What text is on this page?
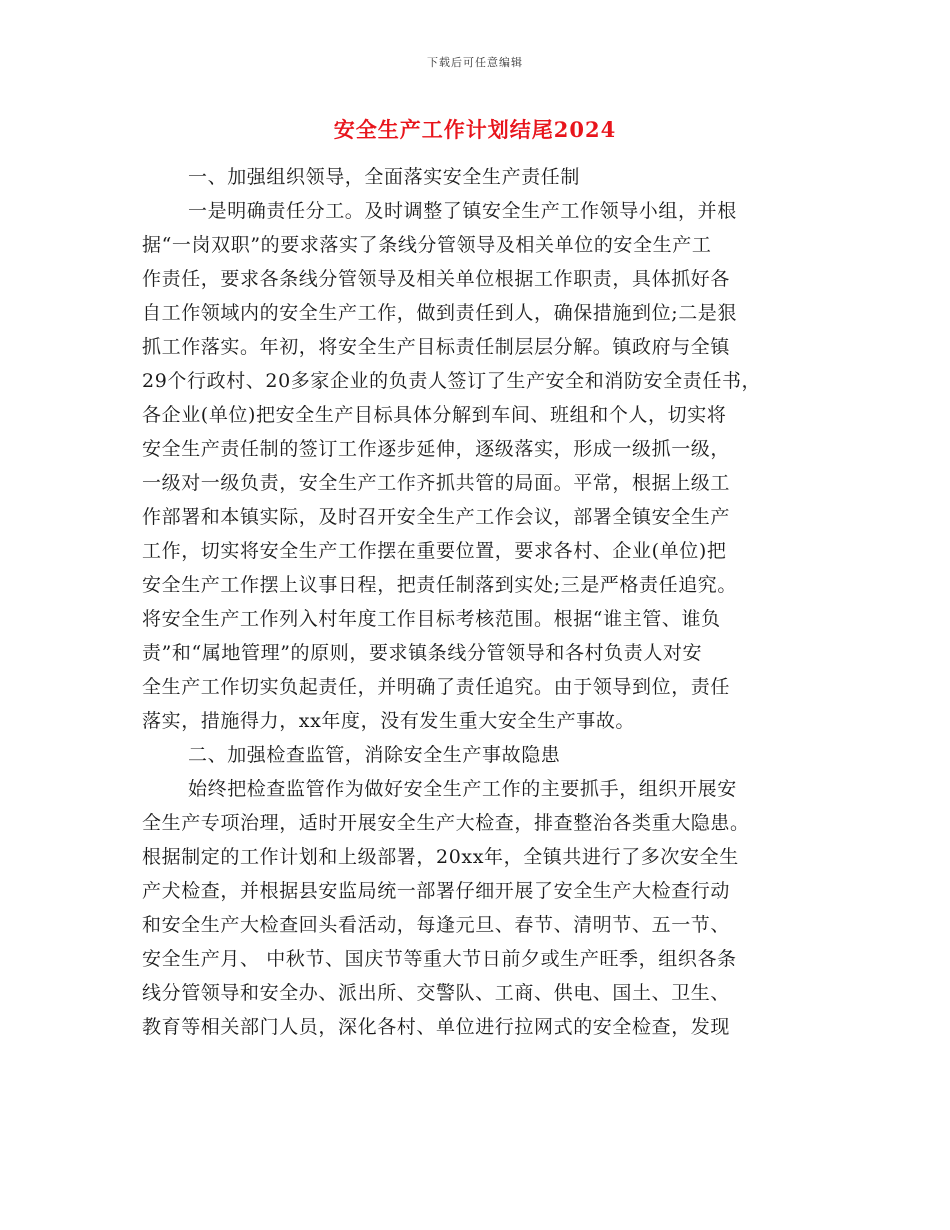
下载后可任意编辑
安全生产工作计划结尾2024
一、加强组织领导，全面落实安全生产责任制
一是明确责任分工。及时调整了镇安全生产工作领导小组，并根
据“一岗双职”的要求落实了条线分管领导及相关单位的安全生产工
作责任，要求各条线分管领导及相关单位根据工作职责，具体抓好各
自工作领域内的安全生产工作，做到责任到人，确保措施到位;二是狠
抓工作落实。年初，将安全生产目标责任制层层分解。镇政府与全镇
29个行政村、20多家企业的负责人签订了生产安全和消防安全责任书，
各企业(单位)把安全生产目标具体分解到车间、班组和个人，切实将
安全生产责任制的签订工作逐步延伸，逐级落实，形成一级抓一级，
一级对一级负责，安全生产工作齐抓共管的局面。平常，根据上级工
作部署和本镇实际，及时召开安全生产工作会议，部署全镇安全生产
工作，切实将安全生产工作摆在重要位置，要求各村、企业(单位)把
安全生产工作摆上议事日程，把责任制落到实处;三是严格责任追究。
将安全生产工作列入村年度工作目标考核范围。根据“谁主管、谁负
责”和“属地管理”的原则，要求镇条线分管领导和各村负责人对安
全生产工作切实负起责任，并明确了责任追究。由于领导到位，责任
落实，措施得力，xx年度，没有发生重大安全生产事故。
二、加强检查监管，消除安全生产事故隐患
始终把检查监管作为做好安全生产工作的主要抓手，组织开展安
全生产专项治理，适时开展安全生产大检查，排查整治各类重大隐患。
根据制定的工作计划和上级部署，20xx年，全镇共进行了多次安全生
产犬检查，并根据县安监局统一部署仔细开展了安全生产大检查行动
和安全生产大检查回头看活动，每逢元旦、春节、清明节、五一节、
安全生产月、 中秋节、国庆节等重大节日前夕或生产旺季，组织各条
线分管领导和安全办、派出所、交警队、工商、供电、国土、卫生、
教育等相关部门人员，深化各村、单位进行拉网式的安全检查，发现
